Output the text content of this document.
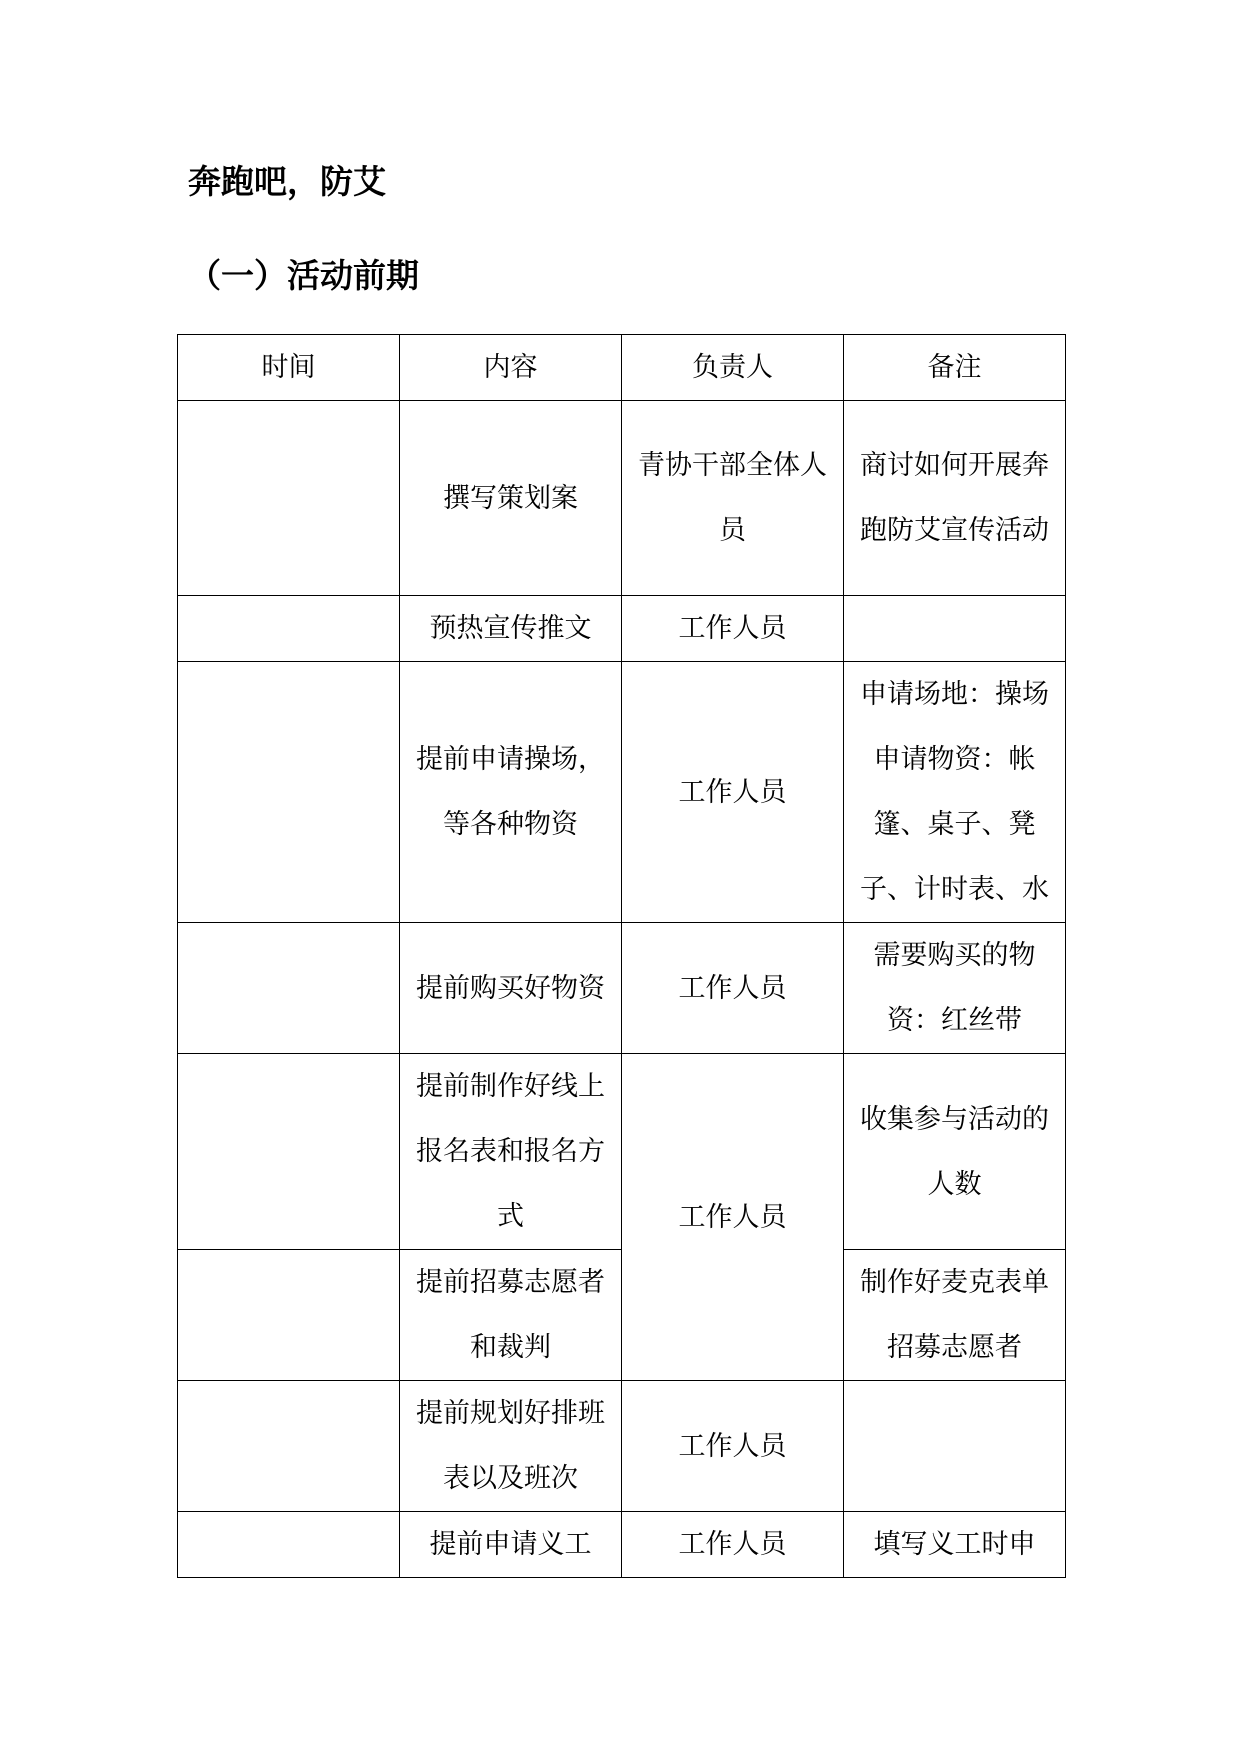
奔跑吧，防艾
（一）活动前期
时间	内容	负责人	备注
	撰写策划案	青协干部全体人员	商讨如何开展奔跑防艾宣传活动
	预热宣传推文	工作人员	
	提前申请操场，等各种物资	工作人员	申请场地：操场申请物资：帐篷、桌子、凳子、计时表、水
	提前购买好物资	工作人员	需要购买的物资：红丝带
	提前制作好线上报名表和报名方式	工作人员	收集参与活动的人数
	提前招募志愿者和裁判		制作好麦克表单招募志愿者
	提前规划好排班表以及班次	工作人员	
	提前申请义工	工作人员	填写义工时申
